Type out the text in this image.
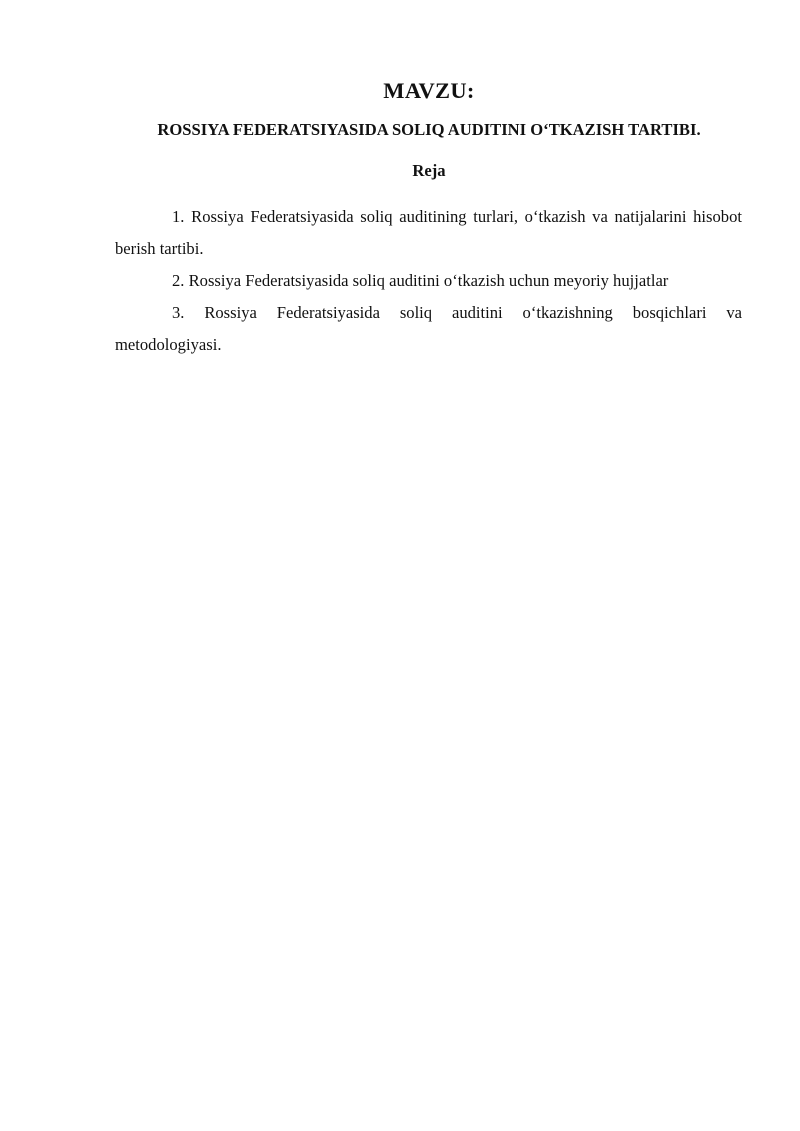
MAVZU:
ROSSIYA FEDERATSIYASIDA SOLIQ AUDITINI O‘TKAZISH TARTIBI.
Reja

1. Rossiya Federatsiyasida soliq auditining turlari, o‘tkazish va natijalarini hisobot berish tartibi.

2. Rossiya Federatsiyasida soliq auditini o‘tkazish uchun meyoriy hujjatlar

3. Rossiya Federatsiyasida soliq auditini o‘tkazishning bosqichlari va metodologiyasi.
